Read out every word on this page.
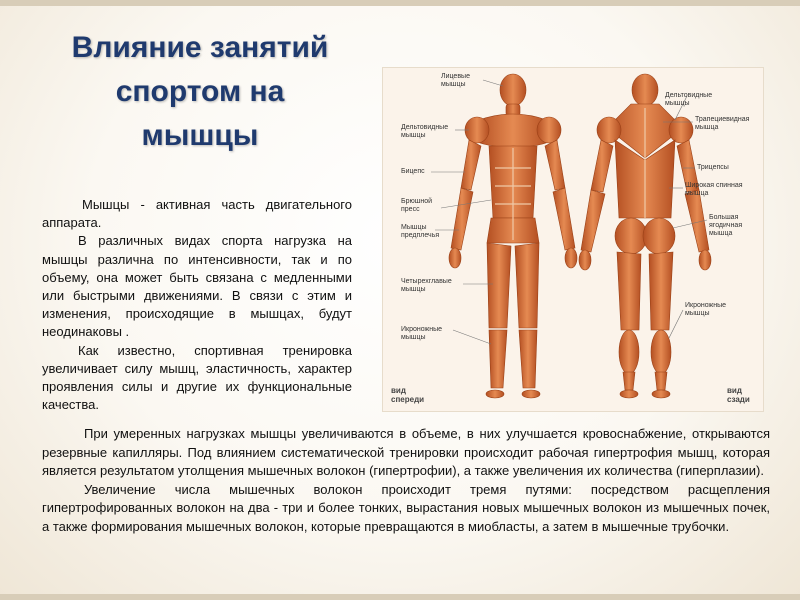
Влияние занятий
спортом на
мышцы

Мышцы - активная часть двигательного аппарата.

В различных видах спорта нагрузка на мышцы различна по интенсивности, так и по объему, она может быть связана с медленными или быстрыми движениями. В связи с этим и изменения, происходящие в мышцах, будут неодинаковы .

Как известно, спортивная тренировка увеличивает силу мышц, эластичность, характер проявления силы и другие их функциональные качества.

Лицевые
мышцы
Дельтовидные
мышцы
Бицепс
Брюшной
пресс
Мышцы
предплечья
Четырехглавые
мышцы
Икроножные
мышцы
вид
спереди
Дельтовидные
мышцы
Трапециевидная
мышца
Трицепсы
Широкая спинная
мышца
Большая
ягодичная
мышца
Икроножные
мышцы
вид
сзади

При умеренных нагрузках мышцы увеличиваются в объеме, в них улучшается кровоснабжение, открываются резервные капилляры. Под влиянием систематической тренировки происходит рабочая гипертрофия мышц, которая является результатом утолщения мышечных волокон (гипертрофии), а также увеличения их количества (гиперплазии).

Увеличение числа мышечных волокон происходит тремя путями: посредством расщепления гипертрофированных волокон на два - три и более тонких, вырастания новых мышечных волокон из мышечных почек, а также формирования мышечных волокон, которые превращаются в миобласты, а затем в мышечные трубочки.
